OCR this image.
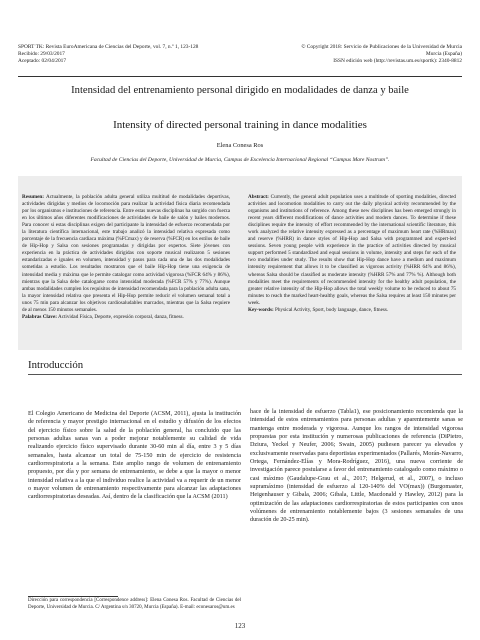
SPORT TK: Revista EuroAmericana de Ciencias del Deporte, vol. 7, n.º 1, 123-128	© Copyright 2018: Servicio de Publicaciones de la Universidad de Murcia
Recibido: 29/03/2017	Murcia (España)
Aceptado: 02/04/2017	ISSN edición web (http://revistas.um.es/sportk): 2340-8812
Intensidad del entrenamiento personal dirigido en modalidades de danza y baile
Intensity of directed personal training in dance modalities
Elena Conesa Ros
Facultad de Ciencias del Deporte, Universidad de Murcia, Campus de Excelencia Internacional Regional “Campus Mare Nostrum”.
Resumen: Actualmente, la población adulta general utiliza multitud de modalidades deportivas, actividades dirigidas y medios de locomoción para realizar la actividad física diaria recomendada por los organismos e instituciones de referencia. Entre estas nuevas disciplinas ha surgido con fuerza en los últimos años diferentes modificaciones de actividades de baile de salón y bailes modernos. Para conocer si estas disciplinas exigen del participante la intensidad de esfuerzo recomendada por la literatura científica internacional, este trabajo analizó la intensidad relativa expresada como porcentaje de la frecuencia cardiaca máxima (%FCmax) y de reserva (%FCR) en los estilos de baile de Hip-Hop y Salsa con sesiones programadas y dirigidas por expertos. Siete jóvenes con experiencia en la práctica de actividades dirigidas con soporte musical realizaron 5 sesiones estandarizadas e iguales en volumen, intensidad y pasos para cada una de las dos modalidades sometidas a estudio. Los resultados mostraron que el baile Hip-Hop tiene una exigencia de intensidad media y máxima que le permite catalogar como actividad vigorosa (%FCR 64% y 86%), mientras que la Salsa debe catalogarse como intensidad moderada (%FCR 57% y 77%). Aunque ambas modalidades cumplen los requisitos de intensidad recomendada para la población adulta sana, la mayor intensidad relativa que presenta el Hip-Hop permite reducir el volumen semanal total a unos 75 min para alcanzar los objetivos cardiosaludables marcados, mientras que la Salsa requiere de al menos 150 minutos semanales.
Palabras Clave: Actividad Física, Deporte, expresión corporal, danza, fitness.
Abstract: Currently, the general adult population uses a multitude of sporting modalities, directed activities and locomotion modalities to carry out the daily physical activity recommended by the organisms and institutions of reference. Among these new disciplines has been emerged strongly in recent years different modifications of dance activities and modern dances. To determine if these disciplines require the intensity of effort recommended by the international scientific literature, this work analyzed the relative intensity expressed as a percentage of maximum heart rate (%HRmax) and reserve (%HRR) in dance styles of Hip-Hop and Salsa with programmed and expert-led sessions. Seven young people with experience in the practice of activities directed by musical support performed 5 standardized and equal sessions in volume, intensity and steps for each of the two modalities under study. The results show that Hip-Hop dance have a medium and maximum intensity requirement that allows it to be classified as vigorous activity (%HRR 64% and 86%), whereas Salsa should be classified as moderate intensity (%HRR 57% and 77% %). Although both modalities meet the requirements of recommended intensity for the healthy adult population, the greater relative intensity of the Hip-Hop allows the total weekly volume to be reduced to about 75 minutes to reach the marked heart-healthy goals, whereas the Salsa requires at least 150 minutes per week.
Key-words: Physical Activity, Sport, body language, dance, fitness.
Introducción
El Colegio Americano de Medicina del Deporte (ACSM, 2011), ajusta la institución de referencia y mayor prestigio internacional en el estudio y difusión de los efectos del ejercicio físico sobre la salud de la población general, ha concluido que las personas adultas sanas van a poder mejorar notablemente su calidad de vida realizando ejercicio físico supervisado durante 30-60 min al día, entre 3 y 5 días semanales, hasta alcanzar un total de 75-150 min de ejercicio de resistencia cardiorrespiratoria a la semana. Este amplio rango de volumen de entrenamiento propuesto, por día y por semana de entrenamiento, se debe a que la mayor o menor intensidad relativa a la que el individuo realice la actividad va a requerir de un menor o mayor volumen de entrenamiento respectivamente para alcanzar las adaptaciones cardiorrespiratorias deseadas. Así, dentro de la clasificación que la ACSM (2011)
hace de la intensidad de esfuerzo (Tabla1), ese posicionamiento recomienda que la intensidad de estos entrenamientos para personas adultas y aparentemente sanas se mantenga entre moderada y vigorosa. Aunque los rangos de intensidad vigorosa propuestas por esta institución y numerosas publicaciones de referencia (DiPietro, Dziura, Yeckel y Neufer, 2006; Swain, 2005) pudiesen parecer ya elevados y exclusivamente reservadas para deportistas experimentados (Pallarés, Morán-Navarro, Ortega, Fernández-Elías y Mora-Rodríguez, 2016), una nueva corriente de investigación parece postularse a favor del entrenamiento catalogado como máximo o casi máximo (Gaudalupe-Grau et al., 2017; Helgerud, et al., 2007), o incluso supramáximo (intensidad de esfuerzo al 120-140% del VO(max)) (Burgomaster, Heigenhauser y Gibala, 2006; Gibala, Little, Macdonald y Hawley, 2012) para la optimización de las adaptaciones cardiorrespiratorias de estos participantes con unos volúmenes de entrenamiento notablemente bajos (3 sesiones semanales de una duración de 20-25 min).
Dirección para correspondencia [Correspondence address]: Elena Conesa Ros. Facultad de Ciencias del Deporte, Universidad de Murcia. C/ Argentina s/n 30720, Murcia (España). E-mail: econesaros@um.es
123
